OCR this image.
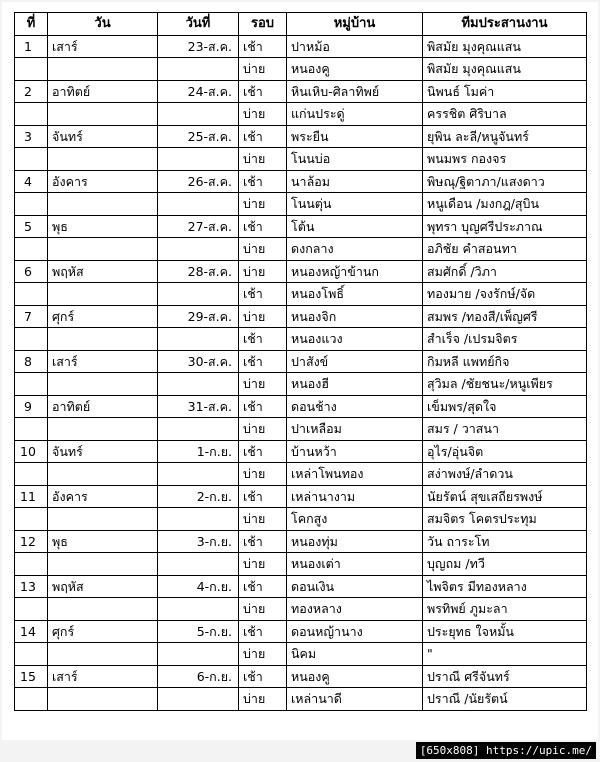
ที่	วัน	วันที่	รอบ	หมู่บ้าน	ทีมประสานงาน
1	เสาร์	23-ส.ค.	เช้า	ปาหม้อ	พิสมัย มุงคุณแสน
			บ่าย	หนองคู	พิสมัย มุงคุณแสน
2	อาทิตย์	24-ส.ค.	เช้า	หินเหิบ-ศิลาทิพย์	นิพนธ์ โมค่า
			บ่าย	แก่นประดู่	ครรชิต ศิริบาล
3	จันทร์	25-ส.ค.	เช้า	พระยืน	ยุพิน ละลี/หนูจันทร์
			บ่าย	โนนบ่อ	พนมพร กองจร
4	อังคาร	26-ส.ค.	เช้า	นาล้อม	พิษณุ/ฐิตาภา/แสงดาว
			บ่าย	โนนตุ่น	หนูเดือน /มงกฎ/สุบิน
5	พุธ	27-ส.ค.	เช้า	โต้น	พุทรา บุญศรีประภาณ
			บ่าย	ดงกลาง	อภิชัย คำสอนทา
6	พฤหัส	28-ส.ค.	บ่าย	หนองหญ้าข้านก	สมศักดิ์ /วิภา
			เช้า	หนองโพธิ์	ทองมาย /จงรักษ์/จัด
7	ศุกร์	29-ส.ค.	บ่าย	หนองจิก	สมพร /ทองสี/เพ็ญศรี
			เช้า	หนองแวง	สำเร็จ /เปรมจิตร
8	เสาร์	30-ส.ค.	เช้า	ปาสังข์	กิมหลี แพทย์กิจ
			บ่าย	หนองฮี	สุวิมล /ชัยชนะ/หนูเพียร
9	อาทิตย์	31-ส.ค.	เช้า	ดอนช้าง	เข็มพร/สุดใจ
			บ่าย	ปาเหลือม	สมร / วาสนา
10	จันทร์	1-ก.ย.	เช้า	บ้านหว้า	อุไร/อุ่นจิต
			บ่าย	เหล่าโพนทอง	สง่าพงษ์/ลำดวน
11	อังคาร	2-ก.ย.	เช้า	เหล่านางาม	นัยรัตน์ สุขเสถียรพงษ์
			บ่าย	โคกสูง	สมจิตร โคตรประทุม
12	พุธ	3-ก.ย.	เช้า	หนองทุ่ม	วัน ถาระโท
			บ่าย	หนองเต่า	บุญถม /ทวี
13	พฤหัส	4-ก.ย.	เช้า	ดอนเงิน	ไพจิตร มีทองหลาง
			บ่าย	ทองหลาง	พรทิพย์ ภูมะลา
14	ศุกร์	5-ก.ย.	เช้า	ดอนหญ้านาง	ประยุทธ ใจหมั้น
			บ่าย	นิคม	"
15	เสาร์	6-ก.ย.	เช้า	หนองคู	ปราณี ศรีจันทร์
			บ่าย	เหล่านาดี	ปราณี /นัยรัตน์
[650x808] https://upic.me/
